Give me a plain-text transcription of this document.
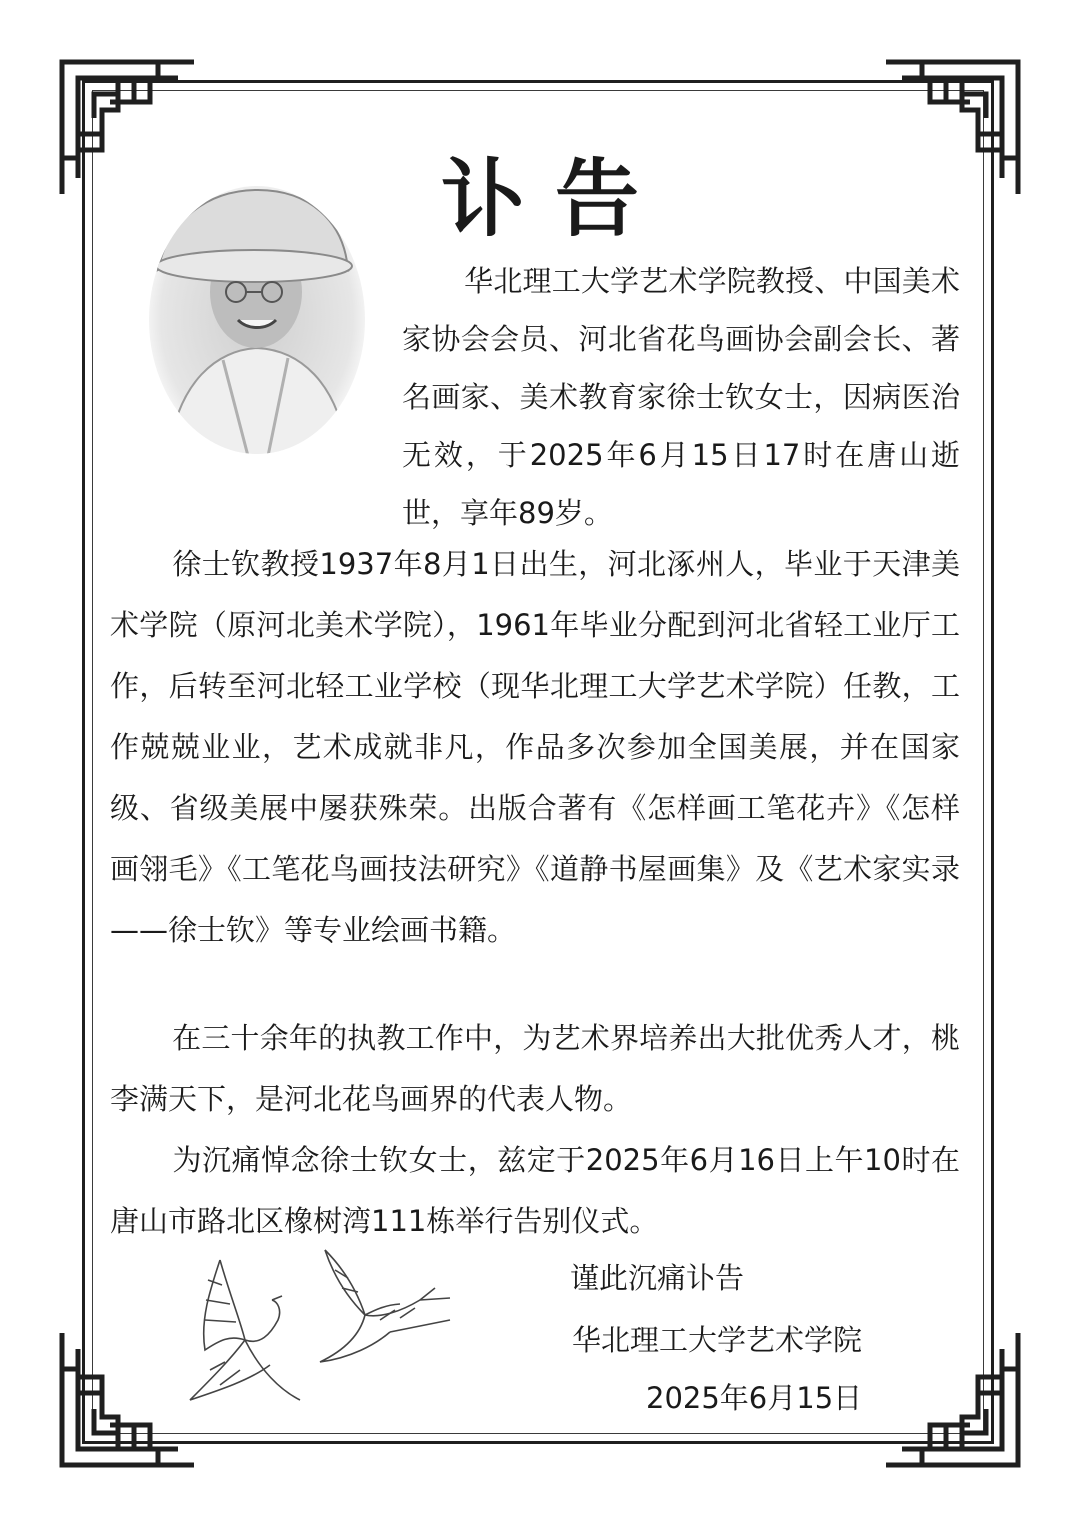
讣告
华北理工大学艺术学院教授、中国美术家协会会员、河北省花鸟画协会副会长、著名画家、美术教育家徐士钦女士，因病医治无效，于2025年6月15日17时在唐山逝世，享年89岁。
徐士钦教授1937年8月1日出生，河北涿州人，毕业于天津美术学院（原河北美术学院），1961年毕业分配到河北省轻工业厅工作，后转至河北轻工业学校（现华北理工大学艺术学院）任教，工作兢兢业业，艺术成就非凡，作品多次参加全国美展，并在国家级、省级美展中屡获殊荣。出版合著有《怎样画工笔花卉》《怎样画翎毛》《工笔花鸟画技法研究》《道静书屋画集》及《艺术家实录——徐士钦》等专业绘画书籍。
在三十余年的执教工作中，为艺术界培养出大批优秀人才，桃李满天下，是河北花鸟画界的代表人物。
为沉痛悼念徐士钦女士，兹定于2025年6月16日上午10时在唐山市路北区橡树湾111栋举行告别仪式。
谨此沉痛讣告
华北理工大学艺术学院
2025年6月15日
